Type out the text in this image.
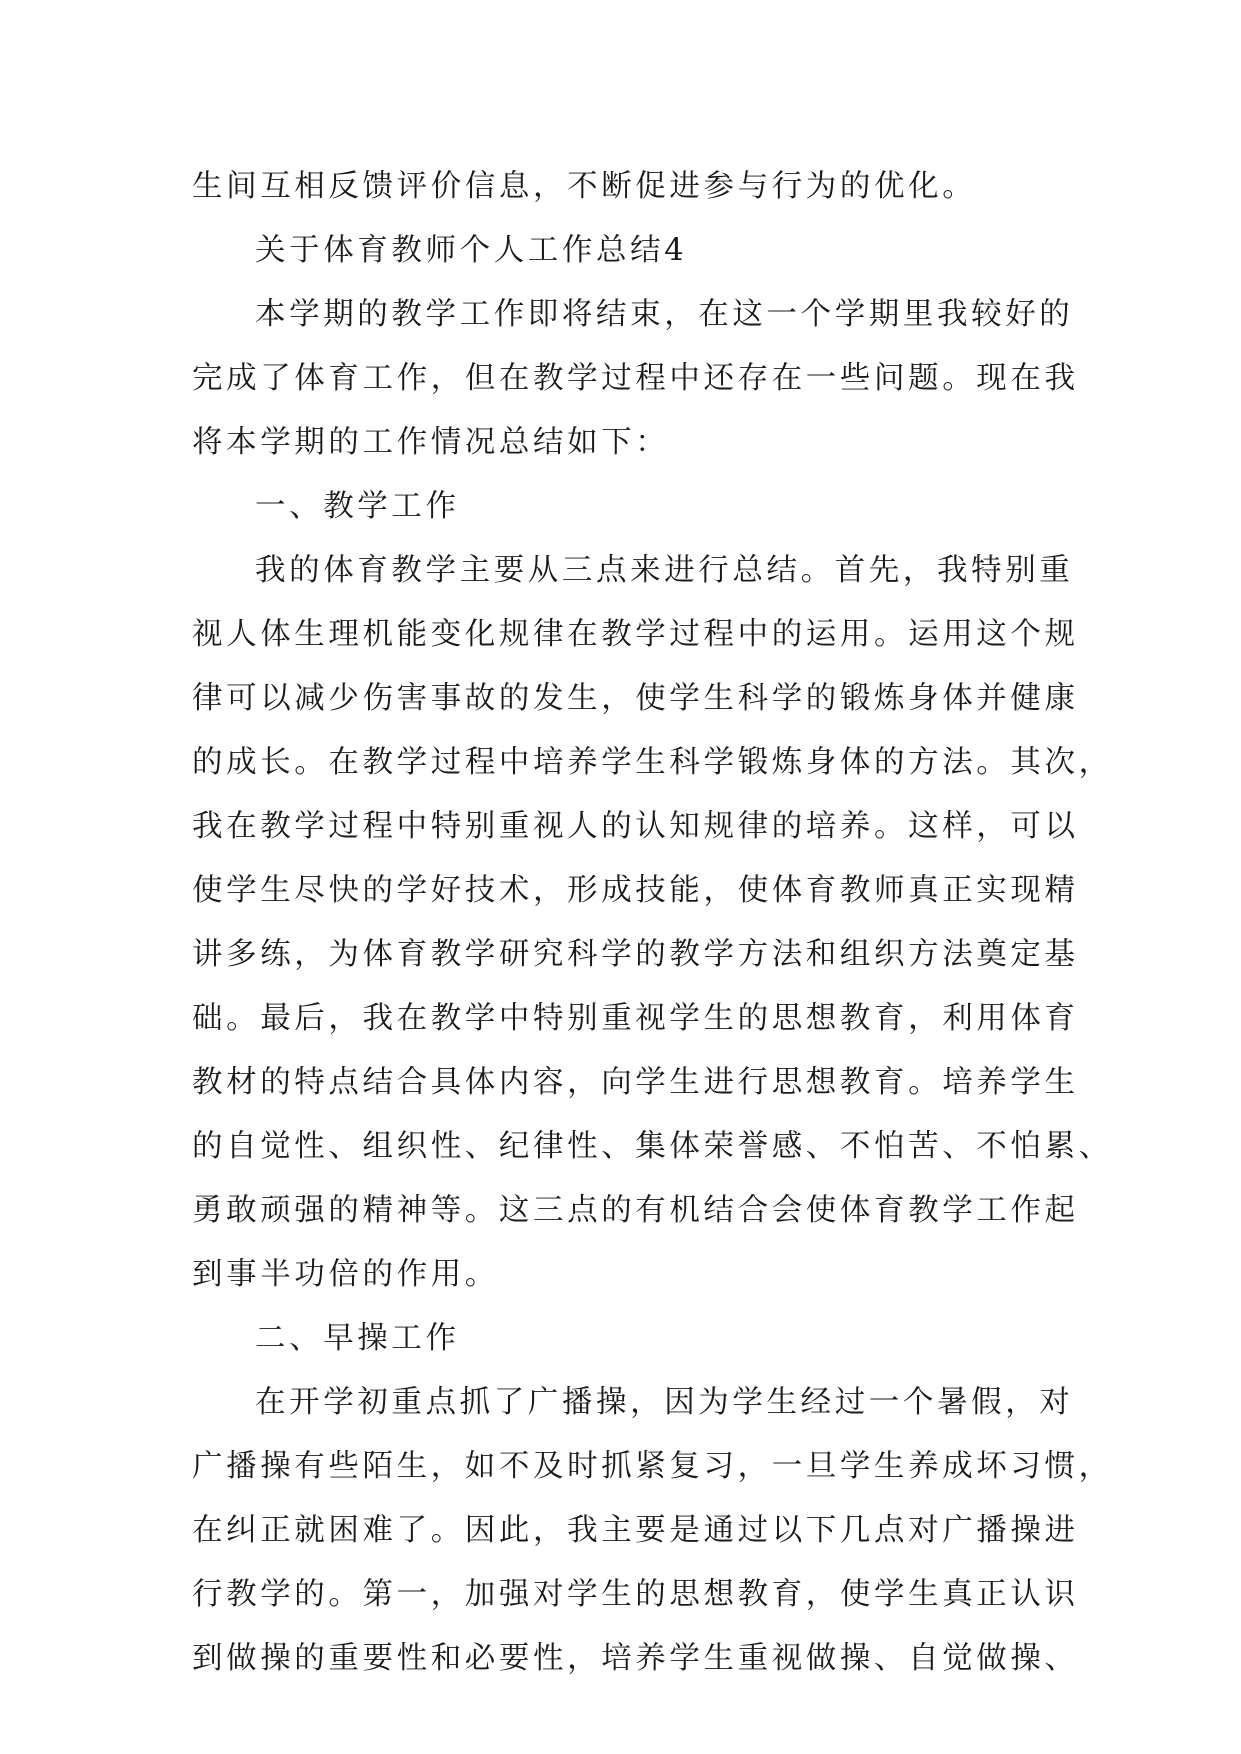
生间互相反馈评价信息，不断促进参与行为的优化。
关于体育教师个人工作总结4
本学期的教学工作即将结束，在这一个学期里我较好的
完成了体育工作，但在教学过程中还存在一些问题。现在我
将本学期的工作情况总结如下：
一、教学工作
我的体育教学主要从三点来进行总结。首先，我特别重
视人体生理机能变化规律在教学过程中的运用。运用这个规
律可以减少伤害事故的发生，使学生科学的锻炼身体并健康
的成长。在教学过程中培养学生科学锻炼身体的方法。其次，
我在教学过程中特别重视人的认知规律的培养。这样，可以
使学生尽快的学好技术，形成技能，使体育教师真正实现精
讲多练，为体育教学研究科学的教学方法和组织方法奠定基
础。最后，我在教学中特别重视学生的思想教育，利用体育
教材的特点结合具体内容，向学生进行思想教育。培养学生
的自觉性、组织性、纪律性、集体荣誉感、不怕苦、不怕累、
勇敢顽强的精神等。这三点的有机结合会使体育教学工作起
到事半功倍的作用。
二、早操工作
在开学初重点抓了广播操，因为学生经过一个暑假，对
广播操有些陌生，如不及时抓紧复习，一旦学生养成坏习惯，
在纠正就困难了。因此，我主要是通过以下几点对广播操进
行教学的。第一，加强对学生的思想教育，使学生真正认识
到做操的重要性和必要性，培养学生重视做操、自觉做操、
